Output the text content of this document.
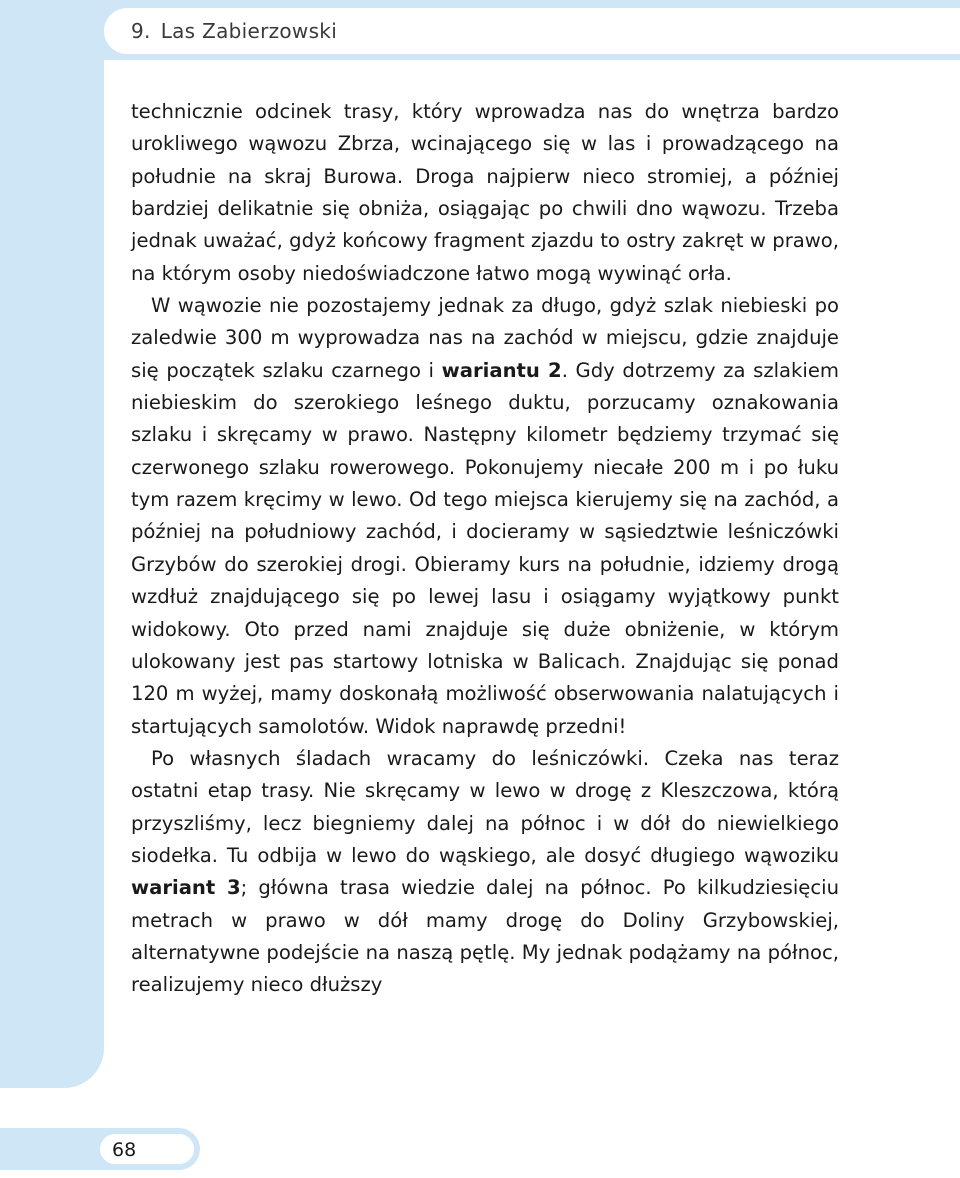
9. Las Zabierzowski

technicznie odcinek trasy, który wprowadza nas do wnętrza bardzo urokliwego wąwozu Zbrza, wcinającego się w las i prowadzącego na południe na skraj Burowa. Droga najpierw nieco stromiej, a później bardziej delikatnie się obniża, osiągając po chwili dno wąwozu. Trzeba jednak uważać, gdyż końcowy fragment zjazdu to ostry zakręt w prawo, na którym osoby niedoświadczone łatwo mogą wywinąć orła.

W wąwozie nie pozostajemy jednak za długo, gdyż szlak niebieski po zaledwie 300 m wyprowadza nas na zachód w miejscu, gdzie znajduje się początek szlaku czarnego i wariantu 2. Gdy dotrzemy za szlakiem niebieskim do szerokiego leśnego duktu, porzucamy oznakowania szlaku i skręcamy w prawo. Następny kilometr będziemy trzymać się czerwonego szlaku rowerowego. Pokonujemy niecałe 200 m i po łuku tym razem kręcimy w lewo. Od tego miejsca kierujemy się na zachód, a później na południowy zachód, i docieramy w sąsiedztwie leśniczówki Grzybów do szerokiej drogi. Obieramy kurs na południe, idziemy drogą wzdłuż znajdującego się po lewej lasu i osiągamy wyjątkowy punkt widokowy. Oto przed nami znajduje się duże obniżenie, w którym ulokowany jest pas startowy lotniska w Balicach. Znajdując się ponad 120 m wyżej, mamy doskonałą możliwość obserwowania nalatujących i startujących samolotów. Widok naprawdę przedni!

Po własnych śladach wracamy do leśniczówki. Czeka nas teraz ostatni etap trasy. Nie skręcamy w lewo w drogę z Kleszczowa, którą przyszliśmy, lecz biegniemy dalej na północ i w dół do niewielkiego siodełka. Tu odbija w lewo do wąskiego, ale dosyć długiego wąwoziku wariant 3; główna trasa wiedzie dalej na północ. Po kilkudziesięciu metrach w prawo w dół mamy drogę do Doliny Grzybowskiej, alternatywne podejście na naszą pętlę. My jednak podążamy na północ, realizujemy nieco dłuższy

68
